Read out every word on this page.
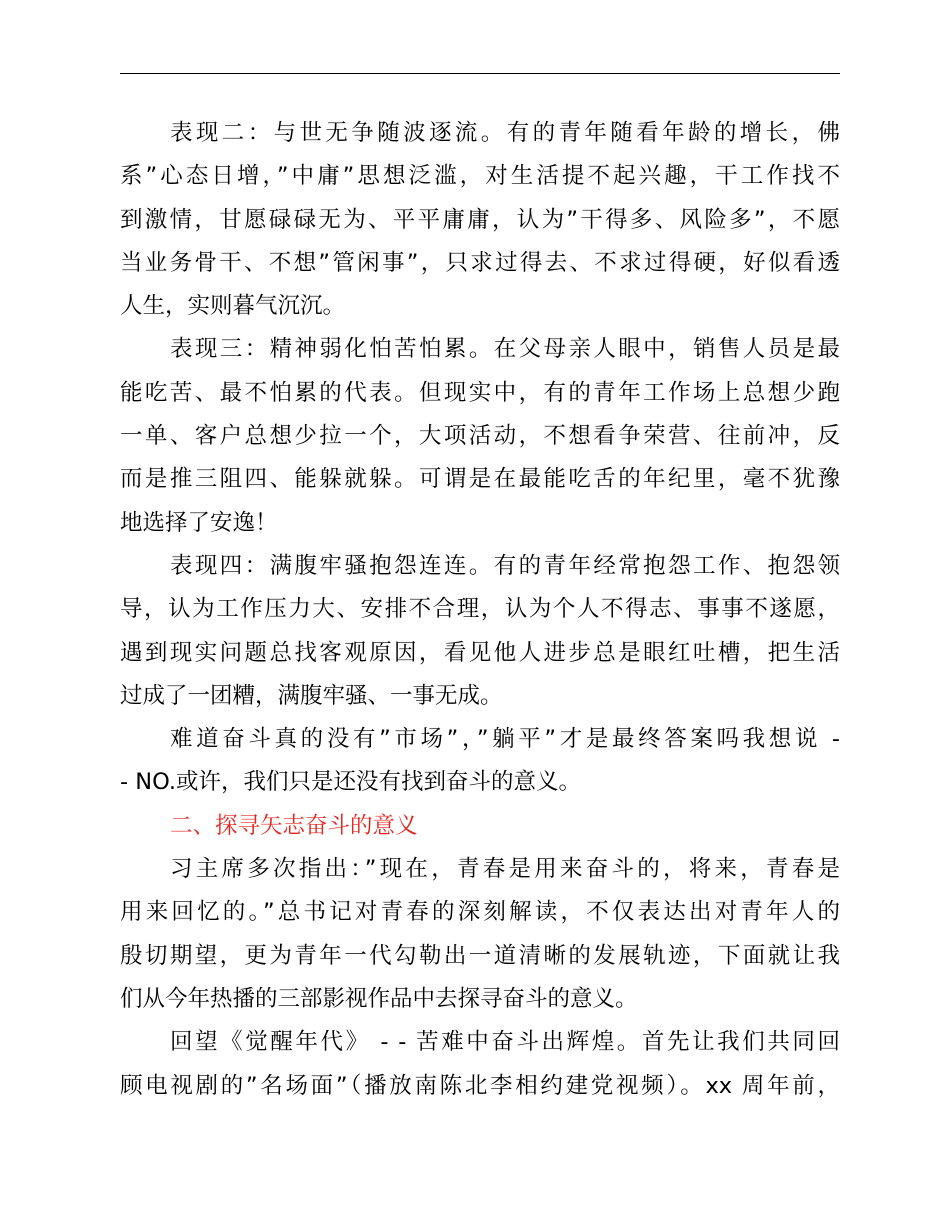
表现二：与世无争随波逐流。有的青年随看年龄的增长，佛
系”心态日增，”中庸”思想泛滥，对生活提不起兴趣，干工作找不
到激情，甘愿碌碌无为、平平庸庸，认为”干得多、风险多”，不愿
当业务骨干、不想”管闲事”，只求过得去、不求过得硬，好似看透
人生，实则暮气沉沉。
表现三：精神弱化怕苦怕累。在父母亲人眼中，销售人员是最
能吃苦、最不怕累的代表。但现实中，有的青年工作场上总想少跑
一单、客户总想少拉一个，大项活动，不想看争荣营、往前冲，反
而是推三阻四、能躲就躲。可谓是在最能吃舌的年纪里，毫不犹豫
地选择了安逸！
表现四：满腹牢骚抱怨连连。有的青年经常抱怨工作、抱怨领
导，认为工作压力大、安排不合理，认为个人不得志、事事不遂愿，
遇到现实问题总找客观原因，看见他人进步总是眼红吐槽，把生活
过成了一团糟，满腹牢骚、一事无成。
难道奋斗真的没有”市场”，”躺平”才是最终答案吗我想说 -
- NO.或许，我们只是还没有找到奋斗的意义。
二、探寻矢志奋斗的意义
习主席多次指出：”现在，青春是用来奋斗的，将来，青春是
用来回忆的。”总书记对青春的深刻解读，不仅表达出对青年人的
殷切期望，更为青年一代勾勒出一道清晰的发展轨迹，下面就让我
们从今年热播的三部影视作品中去探寻奋斗的意义。
回望《觉醒年代》 - - 苦难中奋斗出辉煌。首先让我们共同回
顾电视剧的”名场面”（播放南陈北李相约建党视频）。xx 周年前，
